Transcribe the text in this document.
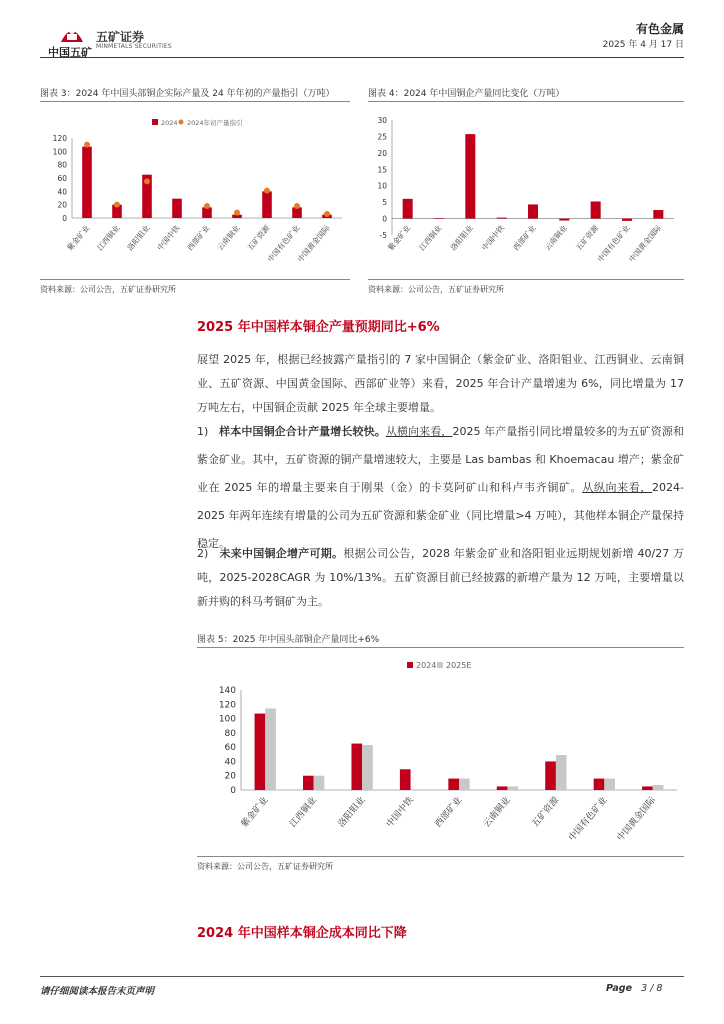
五矿证券
MINMETALS SECURITIES
中国五矿
有色金属
2025 年 4 月 17 日
图表 3：2024 年中国头部铜企实际产量及 24 年年初的产量指引（万吨）
0
20
40
60
80
100
120
2024 2024年初产量指引
紫金矿业 江西铜业 洛阳钼业 中国中铁 西部矿业 云南铜业 五矿资源
中国有色矿业
中国黄金国际
资料来源：公司公告，五矿证券研究所
图表 4：2024 年中国铜企产量同比变化（万吨）
-5
0
5
10
15
20
25
30
紫金矿业 江西铜业 洛阳钼业 中国中铁 西部矿业 云南铜业 五矿资源
中国有色矿业
中国黄金国际
资料来源：公司公告，五矿证券研究所
2025 年中国样本铜企产量预期同比+6%
展望 2025 年，根据已经披露产量指引的 7 家中国铜企（紫金矿业、洛阳钼业、江西铜业、云南铜业、五矿资源、中国黄金国际、西部矿业等）来看，2025 年合计产量增速为 6%，同比增量为 17 万吨左右，中国铜企贡献 2025 年全球主要增量。
1) 样本中国铜企合计产量增长较快。从横向来看，2025 年产量指引同比增量较多的为五矿资源和紫金矿业。其中，五矿资源的铜产量增速较大，主要是 Las bambas 和 Khoemacau 增产；紫金矿业在 2025 年的增量主要来自于刚果（金）的卡莫阿矿山和科卢韦齐铜矿。从纵向来看，2024-2025 年两年连续有增量的公司为五矿资源和紫金矿业（同比增量>4 万吨），其他样本铜企产量保持稳定。
2) 未来中国铜企增产可期。根据公司公告，2028 年紫金矿业和洛阳钼业远期规划新增 40/27 万吨，2025-2028CAGR 为 10%/13%。五矿资源目前已经披露的新增产量为 12 万吨，主要增量以新并购的科马考铜矿为主。
图表 5：2025 年中国头部铜企产量同比+6%
0
20
40
60
80
100
120
140
2024 2025E
紫金矿业 江西铜业 洛阳钼业 中国中铁 西部矿业 云南铜业 五矿资源 中国有色矿业 中国黄金国际
资料来源：公司公告，五矿证券研究所
2024 年中国样本铜企成本同比下降
请仔细阅读本报告末页声明	Page 3 / 8
